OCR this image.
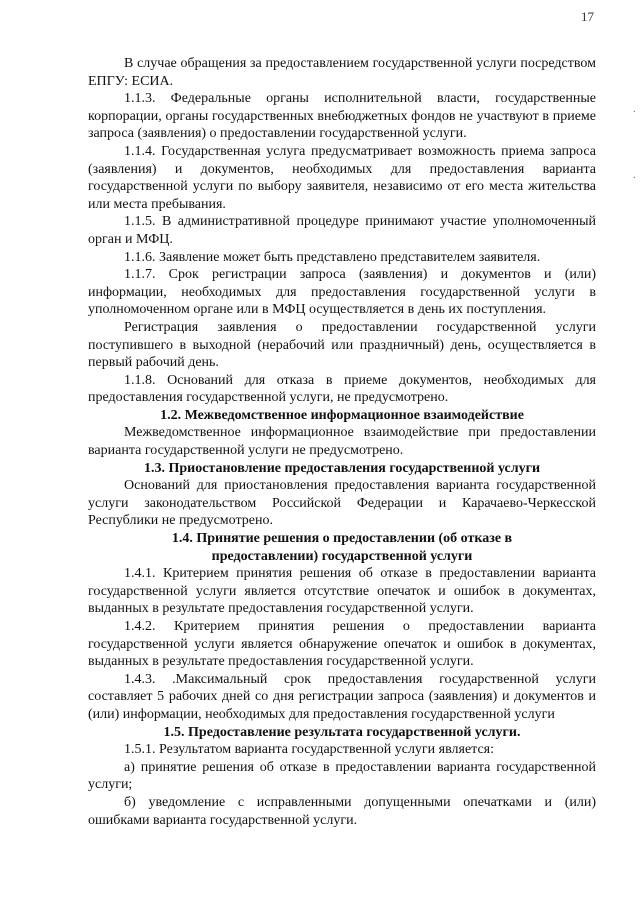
17
·
·

В случае обращения за предоставлением государственной услуги посредством ЕПГУ: ЕСИА.

1.1.3. Федеральные органы исполнительной власти, государственные корпорации, органы государственных внебюджетных фондов не участвуют в приеме запроса (заявления) о предоставлении государственной услуги.

1.1.4. Государственная услуга предусматривает возможность приема запроса (заявления) и документов, необходимых для предоставления варианта государственной услуги по выбору заявителя, независимо от его места жительства или места пребывания.

1.1.5. В административной процедуре принимают участие уполномоченный орган и МФЦ.

1.1.6. Заявление может быть представлено представителем заявителя.

1.1.7. Срок регистрации запроса (заявления) и документов и (или) информации, необходимых для предоставления государственной услуги в уполномоченном органе или в МФЦ осуществляется в день их поступления.

Регистрация заявления о предоставлении государственной услуги поступившего в выходной (нерабочий или праздничный) день, осуществляется в первый рабочий день.

1.1.8. Оснований для отказа в приеме документов, необходимых для предоставления государственной услуги, не предусмотрено.

1.2. Межведомственное информационное взаимодействие

Межведомственное информационное взаимодействие при предоставлении варианта государственной услуги не предусмотрено.

1.3. Приостановление предоставления государственной услуги

Оснований для приостановления предоставления варианта государственной услуги законодательством Российской Федерации и Карачаево-Черкесской Республики не предусмотрено.

1.4. Принятие решения о предоставлении (об отказе в предоставлении) государственной услуги

1.4.1. Критерием принятия решения об отказе в предоставлении варианта государственной услуги является отсутствие опечаток и ошибок в документах, выданных в результате предоставления государственной услуги.

1.4.2. Критерием принятия решения о предоставлении варианта государственной услуги является обнаружение опечаток и ошибок в документах, выданных в результате предоставления государственной услуги.

1.4.3. .Максимальный срок предоставления государственной услуги составляет 5 рабочих дней со дня регистрации запроса (заявления) и документов и (или) информации, необходимых для предоставления государственной услуги

1.5. Предоставление результата государственной услуги.

1.5.1. Результатом варианта государственной услуги является:

а) принятие решения об отказе в предоставлении варианта государственной услуги;

б) уведомление с исправленными допущенными опечатками и (или) ошибками варианта государственной услуги.
